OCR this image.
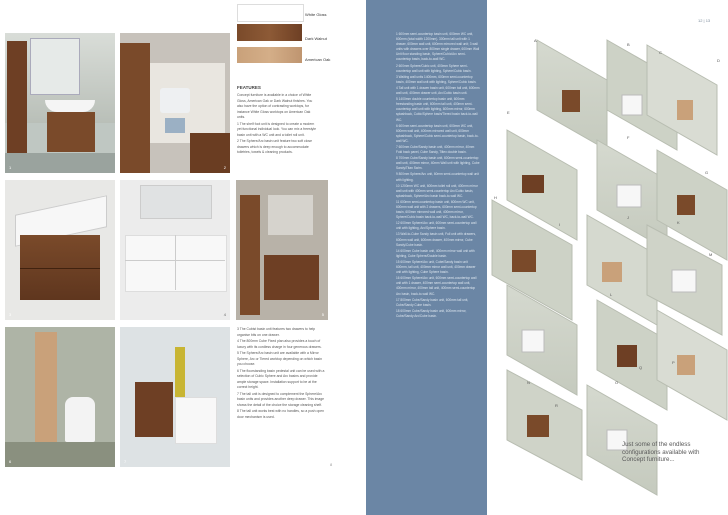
1	2
White Gloss
Dark Walnut
American Oak
FEATURES

Concept furniture is available in a choice of White Gloss, American Oak or Dark Walnut finishes. You also have the option of contrasting worktops, for instance White Gloss worktops on American Oak units.

1 The shelf foot unit is designed to create a modern yet functional individual look. You can mix a freestyle basin unit with a WC unit and a toilet roll unit.

2 The Sphere/Arc basin unit feature two soft close drawers which is deep enough to accommodate toiletries, towels & cleaning products.

3	4	5
6	7

3 The Cubist basin unit features two drawers to help organise bits on one drawer.

4 The 800mm Cube Fixed plan also provides a touch of luxury with its cordless charge in four generous drawers.

5 The Sphere/Arc basin unit are available with a Mirror Sphere, Arc or Tiered worktop depending on which basin you choose.

6 The floorstanding basin pedestal unit can be used with a selection of Cubic Sphere and Arc basins and provide ample storage space. Installation support to be at the correct height.

7 The tall unit is designed to complement the Sphere/Arc basin units and provides another deep drawer. This image shows the detail of the choice the storage cleaning shelf.

8 The tall unit works best with no handles, so a push open door mechanism is used.

8

1 600mm semi-countertop basin unit, 600mm WC unit, 600mm (total width 1200mm). 300mm tall unit with 1 drawer, 600mm wall unit, 600mm mirrored wall unit; 3 wall units with drawers over 800mm single drawer, 600mm Wall Unit floor standing basin, Sphere/Cubic/Arc semi-countertop basin, back-to-wall WC.

2 600mm Sphere/Cubic unit, 400mm Sphere semi-countertop wall unit with lighting, Sphere/Cubic basin.

3 Waiting wall units 1400mm, 600mm semi-countertop basin, 400mm wall unit with lighting, Sphere/Cubic basin.

4 Tall unit with 1 drawer basin unit, 600mm tall unit, 600mm wall unit, 400mm drawer unit, Arc/Cubic basin unit.

5 1400mm double countertop basin unit, 600mm freestanding basin unit, 600mm tall unit, 400mm semi-countertop wall unit with lighting, 600mm mirror, 600mm splashback, Cubic/Sphere basin/Tiered basin back-to-wall WC.

6 600mm semi-countertop basin unit, 600mm WC unit, 600mm wall unit, 400mm mirrored wall unit, 600mm splashback, Sphere/Cubic semi-countertop basin, back-to-wall WC.

7 600mm Cube/Sandy basin unit, 400mm mirror, 40mm Fold back panel, Cube Sandy, Tiltex double basin.

8 700mm Cube/Sandy basin unit, 600mm semi-countertop wall unit, 400mm mirror, 40mm Wall unit with lighting, Cube Sandy/Titan Swim.

9 800mm Sphere/Arc unit, 60mm semi-countertop wall unit with lighting.

10 1200mm WC unit, 600mm toilet roll unit, 400mm mirror wall unit with 400mm semi-countertop Arc/Cubic basin, splashback, Sphere/Arc basin back-to-wall WC.

11 600mm semi-countertop basin unit, 600mm WC unit, 600mm wall unit with 2 drawers, 600mm semi-countertop basin, 600mm mirrored wall unit, 400mm mirror, Sphere/Cubic basin back-to-wall WC, back-to-wall WC.

12 600mm Sphere/Arc unit, 600mm semi-countertop wall unit with lighting, Arc/Sphere basin.

13 Wall-to-Cube Sandy basin unit, Full unit with drawers, 600mm wall unit, 600mm drawer, 400mm mirror, Cube Sandy/Cube basin.

14 600mm Cube basin unit, 400mm mirror wall unit with lighting, Cube Sphere/Double basin.

15 600mm Sphere/Arc unit, Cube/Sandy basin unit 600mm, tall unit, 400mm mirror wall unit, 400mm drawer unit with lighting, Cube Sphere basin.

16 600mm Sphere/Arc unit, 600mm semi-countertop wall unit with 1 drawer, 400mm semi-countertop wall unit, 400mm mirror, 400mm tall unit, 400mm semi-countertop Arc basin, back-to-wall WC.

17 800mm Cube/Sandy basin unit, 600mm tall unit, Cube/Sandy Cube basin.

18 600mm Cube/Sandy basin unit, 600mm mirror, Cube/Sandy Arc/Cube basin.

A
B
C
D
E
F
G
H
I
J
K
L
M
N	O
P
Q
R
12 | 13
Just some of the endless configurations available with Concept furniture...
